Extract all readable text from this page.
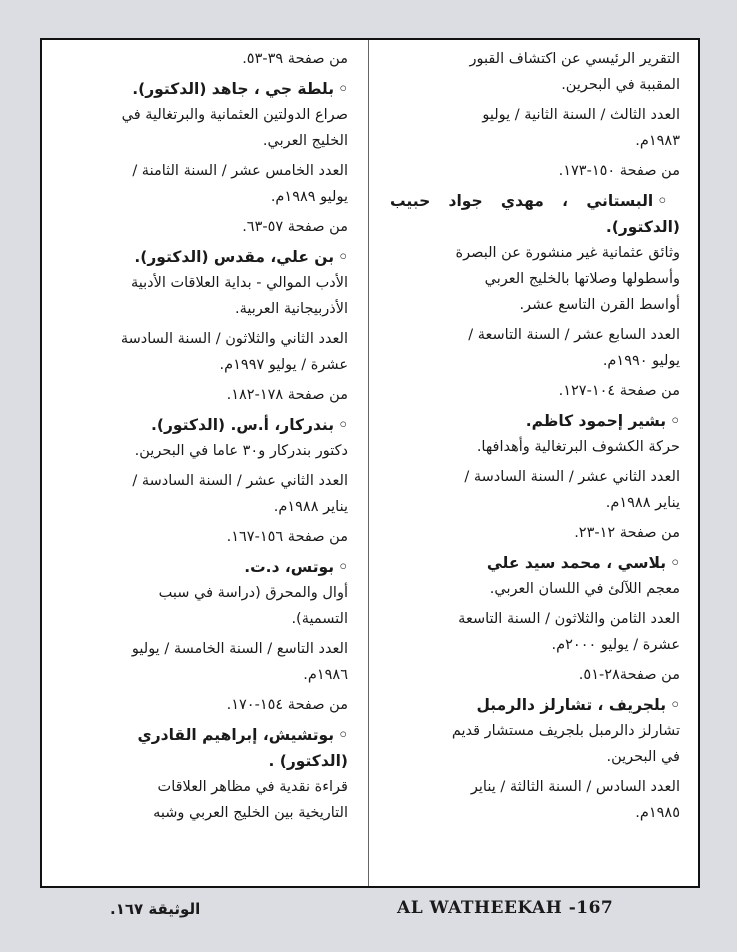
التقرير الرئيسي عن اكتشاف القبور
المقببة في البحرين.
العدد الثالث / السنة الثانية / يوليو
١٩٨٣م.
من صفحة ١٥٠-١٧٣.
◦البستاني ، مهدي جواد حبيب (الدكتور).
وثائق عثمانية غير منشورة عن البصرة
وأسطولها وصلاتها بالخليج العربي
أواسط القرن التاسع عشر.
العدد السابع عشر / السنة التاسعة /
يوليو ١٩٩٠م.
من صفحة ١٠٤-١٢٧.
◦بشير إحمود كاظم.
حركة الكشوف البرتغالية وأهدافها.
العدد الثاني عشر / السنة السادسة /
يناير ١٩٨٨م.
من صفحة ١٢-٢٣.
◦بلاسي ، محمد سيد علي
معجم اللآلئ في اللسان العربي.
العدد الثامن والثلاثون / السنة التاسعة
عشرة / يوليو ٢٠٠٠م.
من صفحة٢٨-٥١.
◦بلجريف ، تشارلز دالرمبل
تشارلز دالرمبل بلجريف مستشار قديم
في البحرين.
العدد السادس / السنة الثالثة / يناير
١٩٨٥م.
من صفحة ٣٩-٥٣.
◦بلطة جي ، جاهد (الدكتور).
صراع الدولتين العثمانية والبرتغالية في
الخليج العربي.
العدد الخامس عشر / السنة الثامنة /
يوليو ١٩٨٩م.
من صفحة ٥٧-٦٣.
◦بن علي، مقدس (الدكتور).
الأدب الموالي - بداية العلاقات الأدبية
الأذربيجانية العربية.
العدد الثاني والثلاثون / السنة السادسة
عشرة / يوليو ١٩٩٧م.
من صفحة ١٧٨-١٨٢.
◦بندركار، أ.س. (الدكتور).
دكتور بندركار و٣٠ عاما في البحرين.
العدد الثاني عشر / السنة السادسة /
يناير ١٩٨٨م.
من صفحة ١٥٦-١٦٧.
◦بوتس، د.ت.
أوال والمحرق (دراسة في سبب
التسمية).
العدد التاسع / السنة الخامسة / يوليو
١٩٨٦م.
من صفحة ١٥٤-١٧٠.
◦بوتشيش، إبراهيم القادري
(الدكتور) .
قراءة نقدية في مظاهر العلاقات
التاريخية بين الخليج العربي وشبه
الوثيقة ١٦٧.	AL WATHEEKAH -167
